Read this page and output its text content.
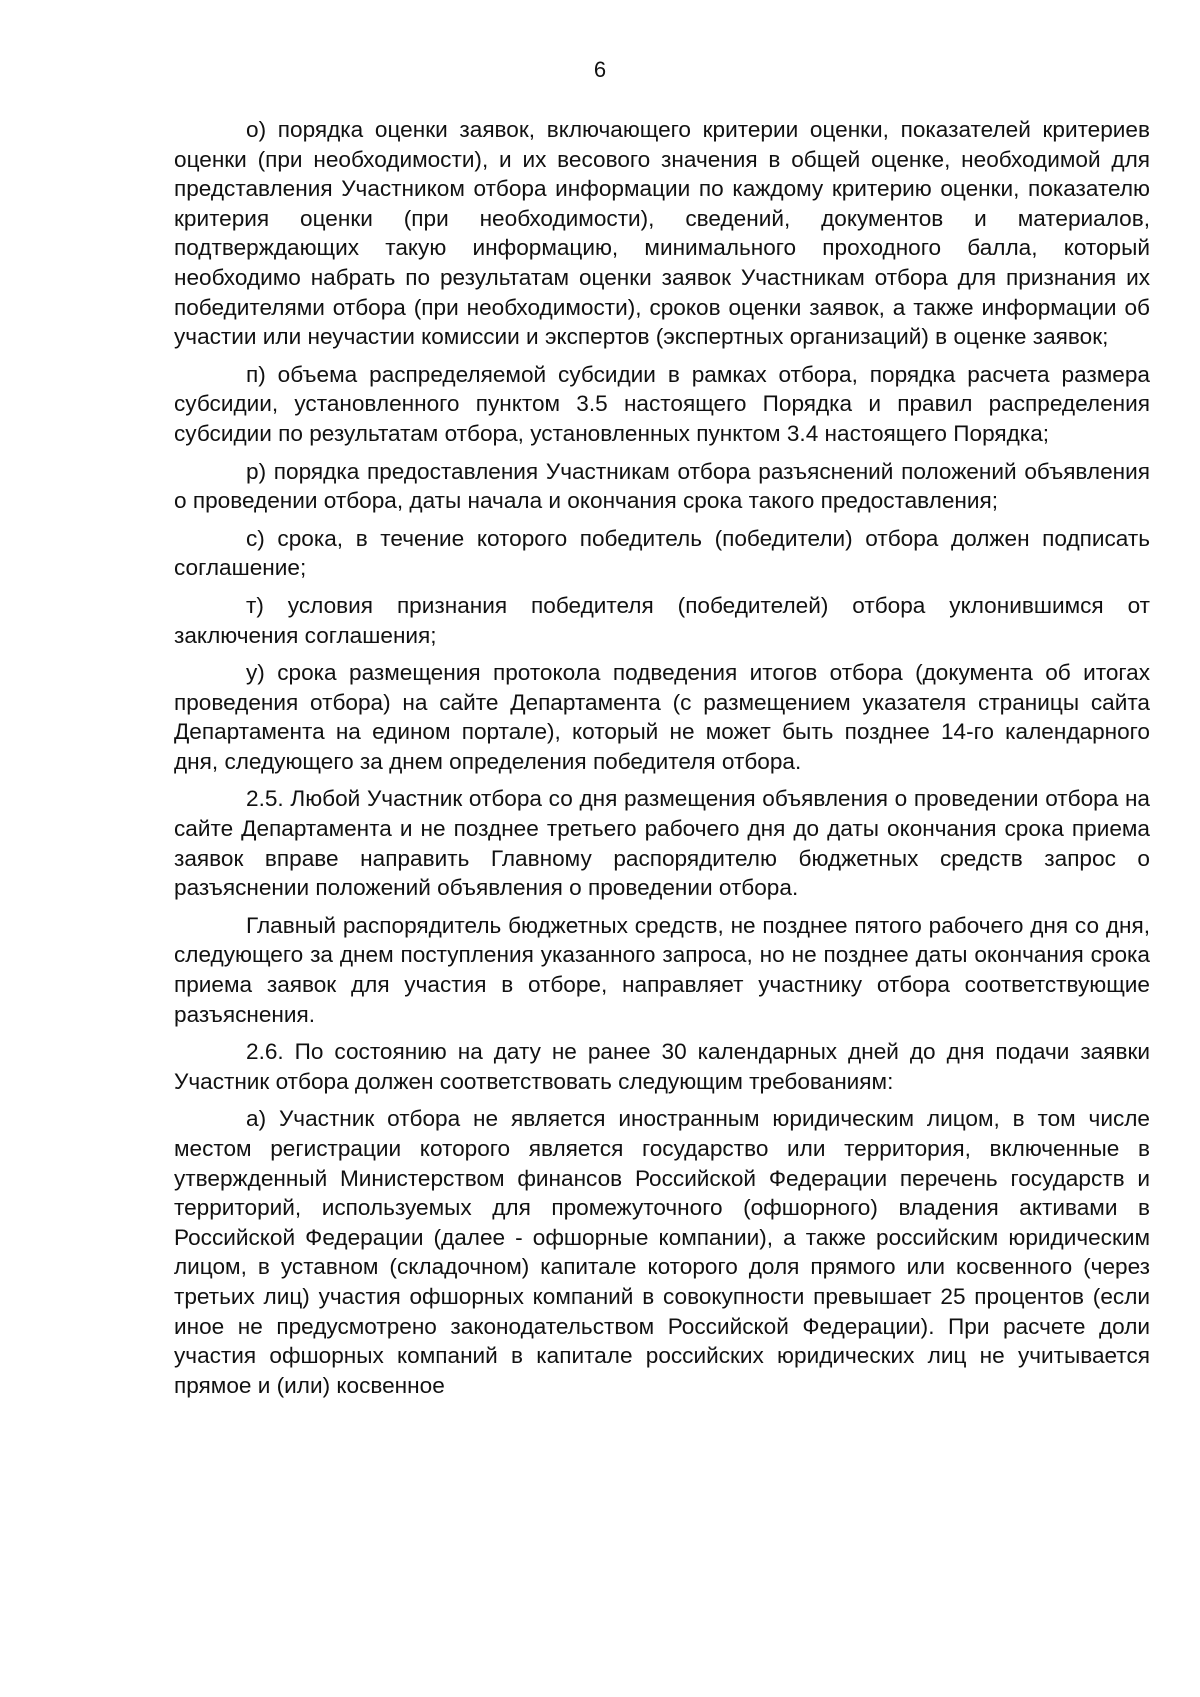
6

о) порядка оценки заявок, включающего критерии оценки, показателей критериев оценки (при необходимости), и их весового значения в общей оценке, необходимой для представления Участником отбора информации по каждому критерию оценки, показателю критерия оценки (при необходимости), сведений, документов и материалов, подтверждающих такую информацию, минимального проходного балла, который необходимо набрать по результатам оценки заявок Участникам отбора для признания их победителями отбора (при необходимости), сроков оценки заявок, а также информации об участии или неучастии комиссии и экспертов (экспертных организаций) в оценке заявок;

п) объема распределяемой субсидии в рамках отбора, порядка расчета размера субсидии, установленного пунктом 3.5 настоящего Порядка и правил распределения субсидии по результатам отбора, установленных пунктом 3.4 настоящего Порядка;

р) порядка предоставления Участникам отбора разъяснений положений объявления о проведении отбора, даты начала и окончания срока такого предоставления;

с) срока, в течение которого победитель (победители) отбора должен подписать соглашение;

т) условия признания победителя (победителей) отбора уклонившимся от заключения соглашения;

у) срока размещения протокола подведения итогов отбора (документа об итогах проведения отбора) на сайте Департамента (с размещением указателя страницы сайта Департамента на едином портале), который не может быть позднее 14-го календарного дня, следующего за днем определения победителя отбора.

2.5. Любой Участник отбора со дня размещения объявления о проведении отбора на сайте Департамента и не позднее третьего рабочего дня до даты окончания срока приема заявок вправе направить Главному распорядителю бюджетных средств запрос о разъяснении положений объявления о проведении отбора.

Главный распорядитель бюджетных средств, не позднее пятого рабочего дня со дня, следующего за днем поступления указанного запроса, но не позднее даты окончания срока приема заявок для участия в отборе, направляет участнику отбора соответствующие разъяснения.

2.6. По состоянию на дату не ранее 30 календарных дней до дня подачи заявки Участник отбора должен соответствовать следующим требованиям:

а) Участник отбора не является иностранным юридическим лицом, в том числе местом регистрации которого является государство или территория, включенные в утвержденный Министерством финансов Российской Федерации перечень государств и территорий, используемых для промежуточного (офшорного) владения активами в Российской Федерации (далее - офшорные компании), а также российским юридическим лицом, в уставном (складочном) капитале которого доля прямого или косвенного (через третьих лиц) участия офшорных компаний в совокупности превышает 25 процентов (если иное не предусмотрено законодательством Российской Федерации). При расчете доли участия офшорных компаний в капитале российских юридических лиц не учитывается прямое и (или) косвенное
